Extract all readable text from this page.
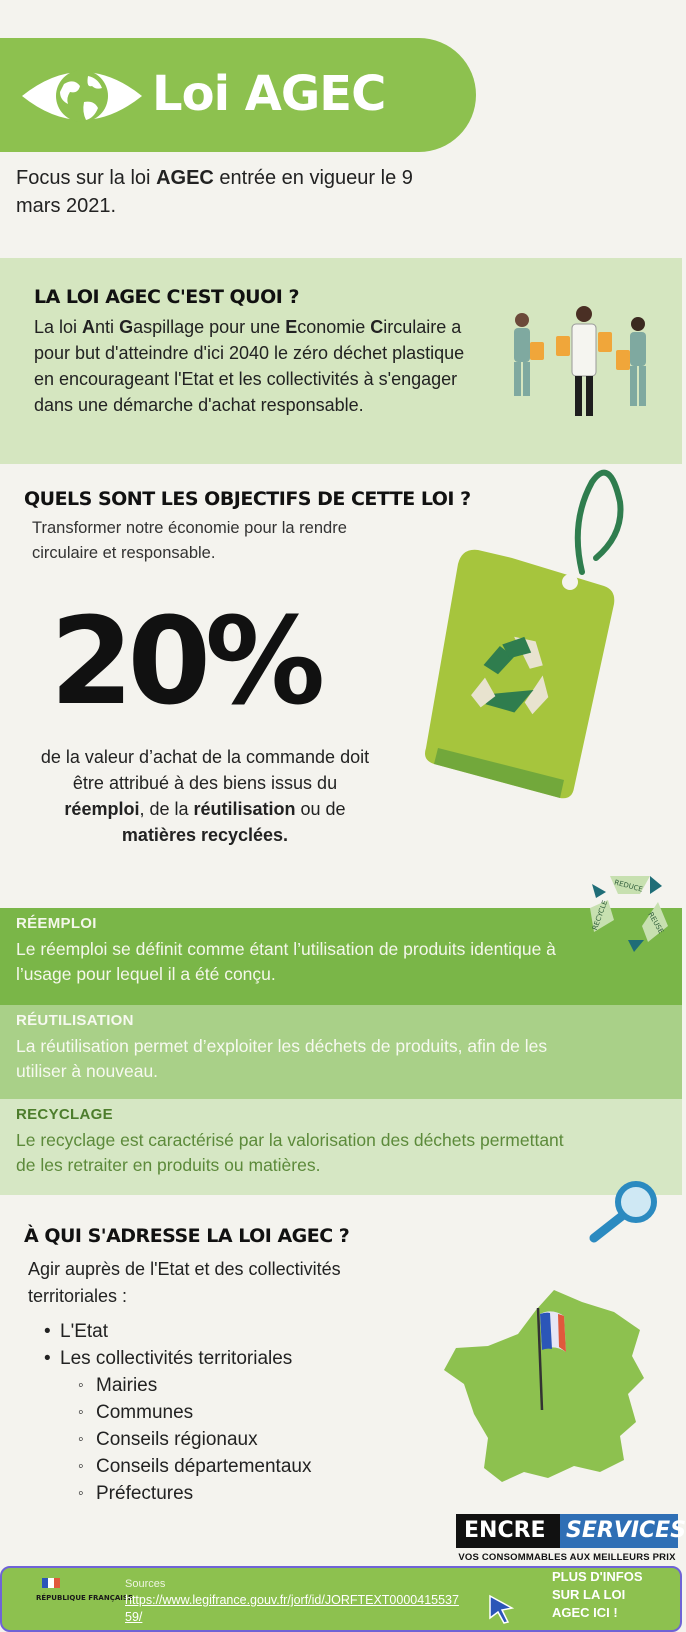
Loi AGEC
Focus sur la loi AGEC entrée en vigueur le 9 mars 2021.
LA LOI AGEC C'EST QUOI ?
La loi Anti Gaspillage pour une Economie Circulaire a pour but d'atteindre d'ici 2040 le zéro déchet plastique en encourageant l'Etat et les collectivités à s'engager dans une démarche d'achat responsable.
QUELS SONT LES OBJECTIFS DE CETTE LOI ?
Transformer notre économie pour la rendre circulaire et responsable.
20%
de la valeur d’achat de la commande doit être attribué à des biens issus du réemploi, de la réutilisation ou de matières recyclées.
RÉEMPLOI
Le réemploi se définit comme étant l’utilisation de produits identique à l’usage pour lequel il a été conçu.
RÉUTILISATION
La réutilisation permet d’exploiter les déchets de produits, afin de les utiliser à nouveau.
RECYCLAGE
Le recyclage est caractérisé par la valorisation des déchets permettant de les retraiter en produits ou matières.
REDUCE
REUSE
RECYCLE
À QUI S'ADRESSE LA LOI AGEC ?
Agir auprès de l'Etat et des collectivités territoriales :
• L'Etat
• Les collectivités territoriales
◦ Mairies
◦ Communes
◦ Conseils régionaux
◦ Conseils départementaux
◦ Préfectures
ENCRE SERVICES
VOS CONSOMMABLES AUX MEILLEURS PRIX
RÉPUBLIQUE FRANÇAISE
Sources
https://www.legifrance.gouv.fr/jorf/id/JORFTEXT000041553759/
PLUS D'INFOS SUR LA LOI AGEC ICI !
